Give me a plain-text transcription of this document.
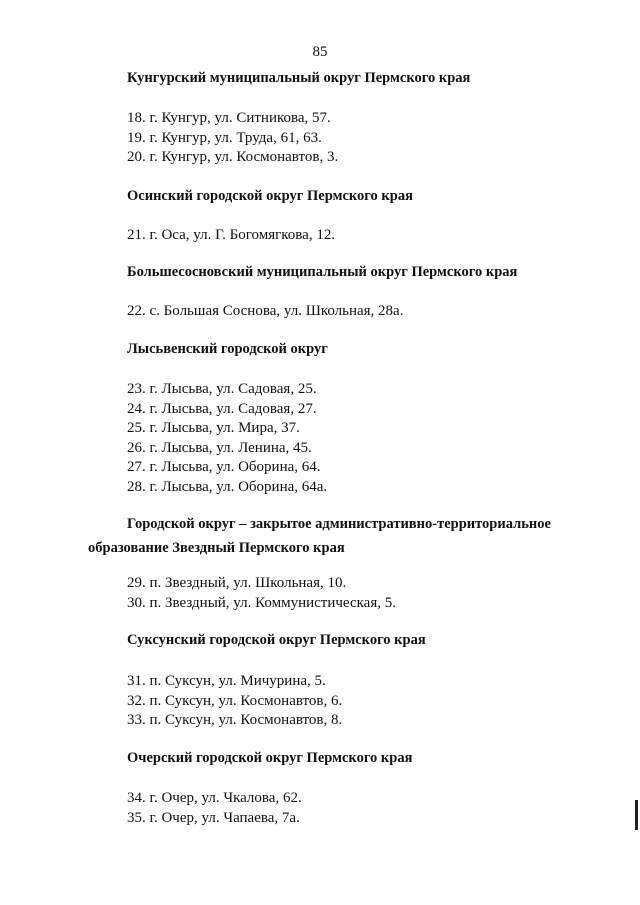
85
Кунгурский муниципальный округ Пермского края
18. г. Кунгур, ул. Ситникова, 57.
19. г. Кунгур, ул. Труда, 61, 63.
20. г. Кунгур, ул. Космонавтов, 3.
Осинский городской округ Пермского края
21. г. Оса, ул. Г. Богомягкова, 12.
Большесосновский муниципальный округ Пермского края
22. с. Большая Соснова, ул. Школьная, 28а.
Лысьвенский городской округ
23. г. Лысьва, ул. Садовая, 25.
24. г. Лысьва, ул. Садовая, 27.
25. г. Лысьва, ул. Мира, 37.
26. г. Лысьва, ул. Ленина, 45.
27. г. Лысьва, ул. Оборина, 64.
28. г. Лысьва, ул. Оборина, 64а.
Городской округ – закрытое административно-территориальное
образование Звездный Пермского края
29. п. Звездный, ул. Школьная, 10.
30. п. Звездный, ул. Коммунистическая, 5.
Суксунский городской округ Пермского края
31. п. Суксун, ул. Мичурина, 5.
32. п. Суксун, ул. Космонавтов, 6.
33. п. Суксун, ул. Космонавтов, 8.
Очерский городской округ Пермского края
34. г. Очер, ул. Чкалова, 62.
35. г. Очер, ул. Чапаева, 7а.
